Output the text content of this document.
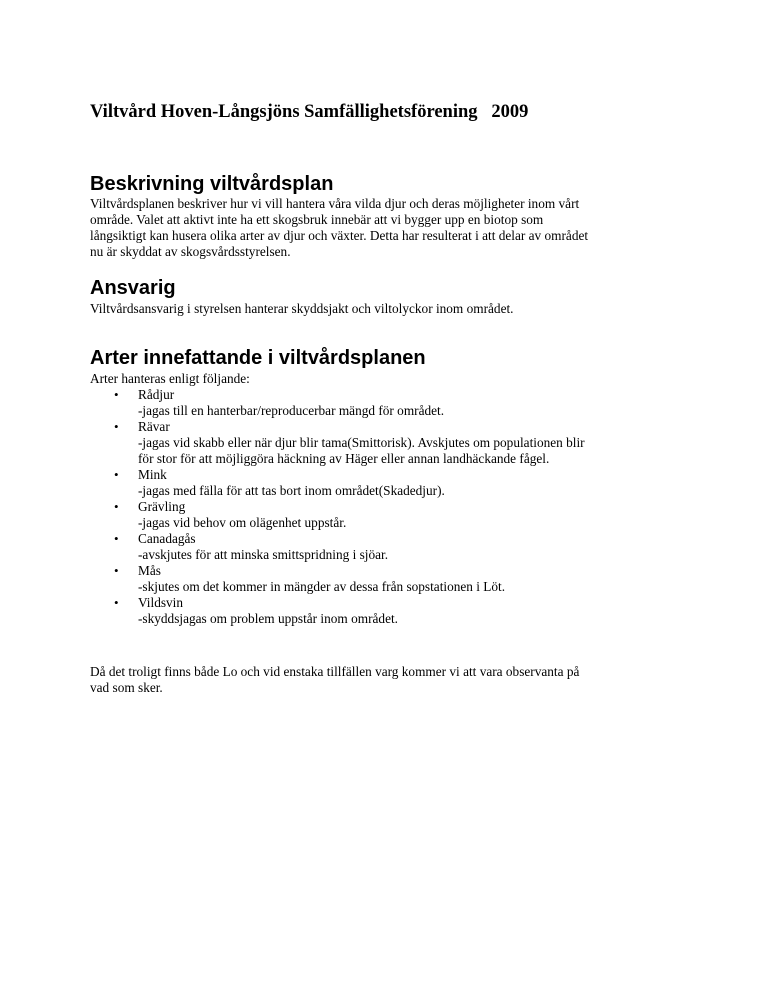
Viltvård Hoven-Långsjöns Samfällighetsförening   2009
Beskrivning viltvårdsplan
Viltvårdsplanen beskriver hur vi vill hantera våra vilda djur och deras möjligheter inom vårt
område. Valet att aktivt inte ha ett skogsbruk innebär att vi bygger upp en biotop som
långsiktigt kan husera olika arter av djur och växter. Detta har resulterat i att delar av området
nu är skyddat av skogsvårdsstyrelsen.
Ansvarig
Viltvårdsansvarig i styrelsen hanterar skyddsjakt och viltolyckor inom området.
Arter innefattande i viltvårdsplanen
Arter hanteras enligt följande:
• Rådjur
-jagas till en hanterbar/reproducerbar mängd för området.
• Rävar
-jagas vid skabb eller när djur blir tama(Smittorisk). Avskjutes om populationen blir
för stor för att möjliggöra häckning av Häger eller annan landhäckande fågel.
• Mink
-jagas med fälla för att tas bort inom området(Skadedjur).
• Grävling
-jagas vid behov om olägenhet uppstår.
• Canadagås
-avskjutes för att minska smittspridning i sjöar.
• Mås
-skjutes om det kommer in mängder av dessa från sopstationen i Löt.
• Vildsvin
-skyddsjagas om problem uppstår inom området.
Då det troligt finns både Lo och vid enstaka tillfällen varg kommer vi att vara observanta på
vad som sker.
